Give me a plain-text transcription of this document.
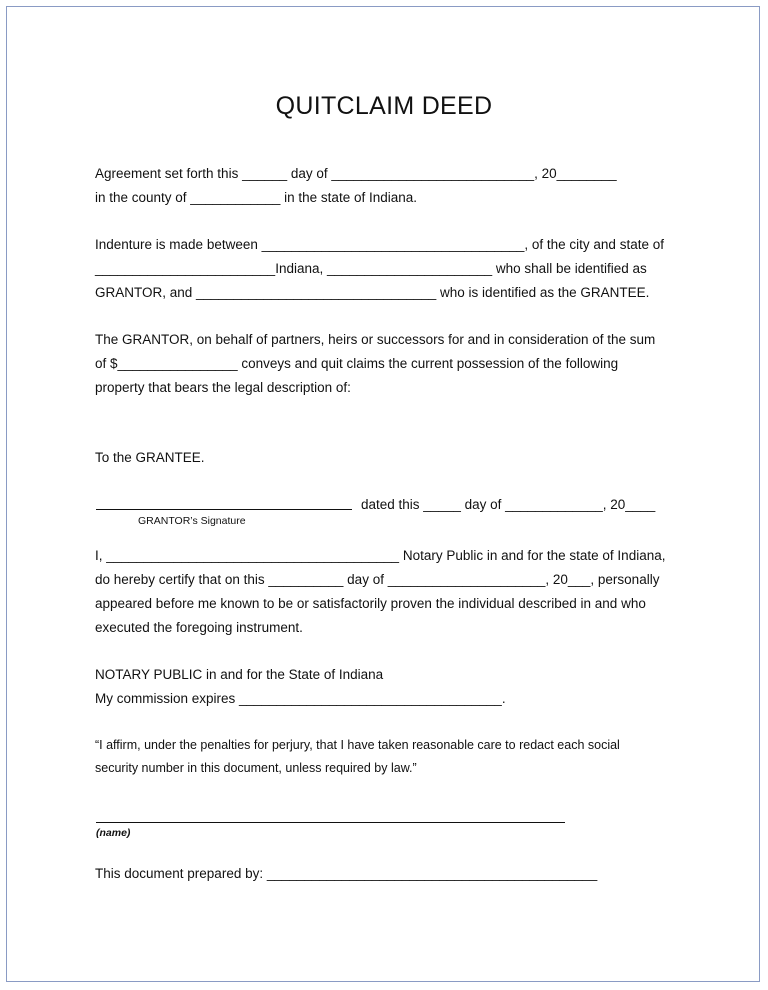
QUITCLAIM DEED
Agreement set forth this ______ day of ___________________________, 20________
in the county of ____________ in the state of Indiana.
Indenture is made between ___________________________________, of the city and state of
________________________Indiana, ______________________ who shall be identified as
GRANTOR, and ________________________________ who is identified as the GRANTEE.
The GRANTOR, on behalf of partners, heirs or successors for and in consideration of the sum
of $________________ conveys and quit claims the current possession of the following
property that bears the legal description of:
To the GRANTEE.
dated this _____ day of _____________, 20____
GRANTOR’s Signature
I, _______________________________________ Notary Public in and for the state of Indiana,
do hereby certify that on this __________ day of _____________________, 20___, personally
appeared before me known to be or satisfactorily proven the individual described in and who
executed the foregoing instrument.
NOTARY PUBLIC in and for the State of Indiana
My commission expires ___________________________________.
“I affirm, under the penalties for perjury, that I have taken reasonable care to redact each social
security number in this document, unless required by law.”
(name)
This document prepared by: ____________________________________________
